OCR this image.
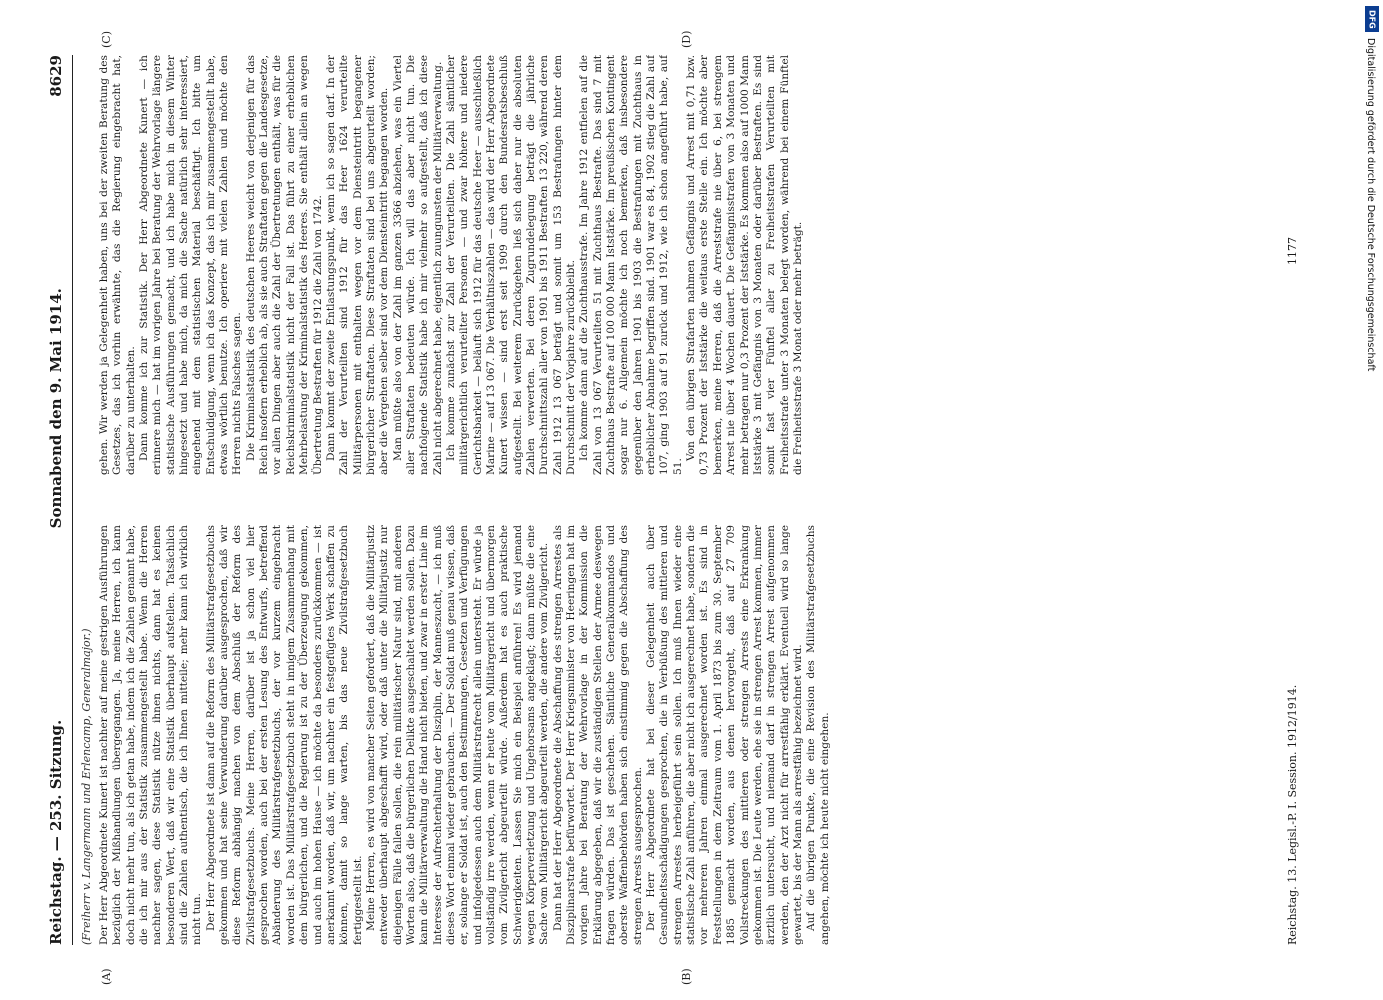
Reichstag. — 253. Sitzung.
Sonnabend den 9. Mai 1914.
8629
(Freiherr v. Langermann und Erlencamp, Generalmajor.)
(A)	(B)
(C)	(D)

Der Herr Abgeordnete Kunert ist nachher auf meine gestrigen Ausführungen bezüglich der Mißhandlungen übergegangen. Ja, meine Herren, ich kann doch nicht mehr tun, als ich getan habe, indem ich die Zahlen genannt habe, die ich mir aus der Statistik zusammengestellt habe. Wenn die Herren nachher sagen, diese Statistik nütze ihnen nichts, dann hat es keinen besonderen Wert, daß wir eine Statistik überhaupt aufstellen. Tatsächlich sind die Zahlen authentisch, die ich Ihnen mitteile; mehr kann ich wirklich nicht tun. Der Herr Abgeordnete ist dann auf die Reform des Militärstrafgesetzbuchs gekommen und hat seine Verwunderung darüber ausgesprochen, daß wir diese Reform abhängig machen von dem Abschluß der Reform des Zivilstrafgesetzbuchs. Meine Herren, darüber ist ja schon viel hier gesprochen worden, auch bei der ersten Lesung des Entwurfs, betreffend Abänderung des Militärstrafgesetzbuchs, der vor kurzem eingebracht worden ist. Das Militärstrafgesetzbuch steht in innigem Zusammenhang mit dem bürgerlichen, und die Regierung ist zu der Überzeugung gekommen, und auch im hohen Hause — ich möchte da besonders zurückkommen — ist anerkannt worden, daß wir, um nachher ein festgefügtes Werk schaffen zu können, damit so lange warten, bis das neue Zivilstrafgesetzbuch fertiggestellt ist. Meine Herren, es wird von mancher Seiten gefordert, daß die Militärjustiz entweder überhaupt abgeschafft wird, oder daß unter die Militärjustiz nur diejenigen Fälle fallen sollen, die rein militärischer Natur sind, mit anderen Worten also, daß die bürgerlichen Delikte ausgeschaltet werden sollen. Dazu kann die Militärverwaltung die Hand nicht bieten, und zwar in erster Linie im Interesse der Aufrechterhaltung der Disziplin, der Manneszucht, — ich muß dieses Wort einmal wieder gebrauchen. — Der Soldat muß genau wissen, daß er, solange er Soldat ist, auch den Bestimmungen, Gesetzen und Verfügungen und infolgedessen auch dem Militärstrafrecht allein untersteht. Er würde ja vollständig irre werden, wenn er heute vom Militärgericht und übermorgen vom Zivilgericht abgeurteilt würde. Außerdem hat es auch praktische Schwierigkeiten. Lassen Sie mich ein Beispiel anführen! Es wird jemand wegen Körperverletzung und Ungehorsams angeklagt; dann müßte die eine Sache vom Militärgericht abgeurteilt werden, die andere vom Zivilgericht. Dann hat der Herr Abgeordnete die Abschaffung des strengen Arrestes als Disziplinarstrafe befürwortet. Der Herr Kriegsminister von Heeringen hat im vorigen Jahre bei Beratung der Wehrvorlage in der Kommission die Erklärung abgegeben, daß wir die zuständigen Stellen der Armee deswegen fragen würden. Das ist geschehen. Sämtliche Generalkommandos und oberste Waffenbehörden haben sich einstimmig gegen die Abschaffung des strengen Arrests ausgesprochen. Der Herr Abgeordnete hat bei dieser Gelegenheit auch über Gesundheitsschädigungen gesprochen, die in Verbüßung des mittleren und strengen Arrestes herbeigeführt sein sollen. Ich muß Ihnen wieder eine statistische Zahl anführen, die aber nicht ich ausgerechnet habe, sondern die vor mehreren Jahren einmal ausgerechnet worden ist. Es sind in Feststellungen in dem Zeitraum vom 1. April 1873 bis zum 30. September 1885 gemacht worden, aus denen hervorgeht, daß auf 27 709 Vollstreckungen des mittleren oder strengen Arrests eine Erkrankung gekommen ist. Die Leute werden, ehe sie in strengen Arrest kommen, immer ärztlich untersucht, und niemand darf in strengen Arrest aufgenommen werden, den der Arzt nicht für arrestfähig erklärt. Eventuell wird so lange gewartet, bis der Mann als arrestfähig bezeichnet wird. Auf die übrigen Punkte, die eine Revision des Militärstrafgesetzbuchs angehen, möchte ich heute nicht eingehen.

gehen. Wir werden ja Gelegenheit haben, uns bei der zweiten Beratung des Gesetzes, das ich vorhin erwähnte, das die Regierung eingebracht hat, darüber zu unterhalten. Dann komme ich zur Statistik. Der Herr Abgeordnete Kunert — ich erinnere mich — hat im vorigen Jahre bei Beratung der Wehrvorlage längere statistische Ausführungen gemacht, und ich habe mich in diesem Winter hingesetzt und habe mich, da mich die Sache natürlich sehr interessiert, eingehend mit dem statistischen Material beschäftigt. Ich bitte um Entschuldigung, wenn ich das Konzept, das ich mir zusammengestellt habe, etwas wörtlich benutze. Ich operiere mit vielen Zahlen und möchte den Herren nichts Falsches sagen. Die Kriminalstatistik des deutschen Heeres weicht von derjenigen für das Reich insofern erheblich ab, als sie auch Straftaten gegen die Landesgesetze, vor allen Dingen aber auch die Zahl der Übertretungen enthält, was für die Reichskriminalstatistik nicht der Fall ist. Das führt zu einer erheblichen Mehrbelastung der Kriminalstatistik des Heeres. Sie enthält allein an wegen Übertretung Bestraften für 1912 die Zahl von 1742. Dann kommt der zweite Entlastungspunkt, wenn ich so sagen darf. In der Zahl der Verurteilten sind 1912 für das Heer 1624 verurteilte Militärpersonen mit enthalten wegen vor dem Diensteintritt begangener bürgerlicher Straftaten. Diese Straftaten sind bei uns abgeurteilt worden; aber die Vergehen selber sind vor dem Diensteintritt begangen worden. Man müßte also von der Zahl im ganzen 3366 abziehen, was ein Viertel aller Straftaten bedeuten würde. Ich will das aber nicht tun. Die nachfolgende Statistik habe ich mir vielmehr so aufgestellt, daß ich diese Zahl nicht abgerechnet habe, eigentlich zuungunsten der Militärverwaltung. Ich komme zunächst zur Zahl der Verurteilten. Die Zahl sämtlicher militärgerichtlich verurteilter Personen — und zwar höhere und niedere Gerichtsbarkeit — beläuft sich 1912 für das deutsche Heer — ausschließlich Marine — auf 13 067. Die Verhältniszahlen — das wird der Herr Abgeordnete Kunert wissen — sind erst seit 1909 durch den Bundesratsbeschluß aufgestellt. Bei weiterem Zurückgehen ließ sich daher nur die absoluten Zahlen verwerten. Bei deren Zugrundelegung beträgt die jährliche Durchschnittszahl aller von 1901 bis 1911 Bestraften 13 220, während deren Zahl 1912 13 067 beträgt und somit um 153 Bestrafungen hinter dem Durchschnitt der Vorjahre zurückbleibt. Ich komme dann auf die Zuchthausstrafe. Im Jahre 1912 entfielen auf die Zahl von 13 067 Verurteilten 51 mit Zuchthaus Bestrafte. Das sind 7 mit Zuchthaus Bestrafte auf 100 000 Mann Iststärke. Im preußischen Kontingent sogar nur 6. Allgemein möchte ich noch bemerken, daß insbesondere gegenüber den Jahren 1901 bis 1903 die Bestrafungen mit Zuchthaus in erheblicher Abnahme begriffen sind. 1901 war es 84, 1902 stieg die Zahl auf 107, ging 1903 auf 91 zurück und 1912, wie ich schon angeführt habe, auf 51.

Von den übrigen Strafarten nahmen Gefängnis und Arrest mit 0,71 bzw. 0,73 Prozent der Iststärke die weitaus erste Stelle ein. Ich möchte aber bemerken, meine Herren, daß die Arreststrafe nie über 6, bei strengem Arrest nie über 4 Wochen dauert. Die Gefängnisstrafen von 3 Monaten und mehr betragen nur 0,3 Prozent der Iststärke. Es kommen also auf 1000 Mann Iststärke 3 mit Gefängnis von 3 Monaten oder darüber Bestraften. Es sind somit fast vier Fünftel aller zu Freiheitsstrafen Verurteilten mit Freiheitsstrafe unter 3 Monaten belegt worden, während bei einem Fünftel die Freiheitsstrafe 3 Monat oder mehr beträgt.

Reichstag. 13. Legisl.-P. I. Session. 1912/1914.
1177
DFG
Digitalisierung gefördert durch die Deutsche Forschungsgemeinschaft
